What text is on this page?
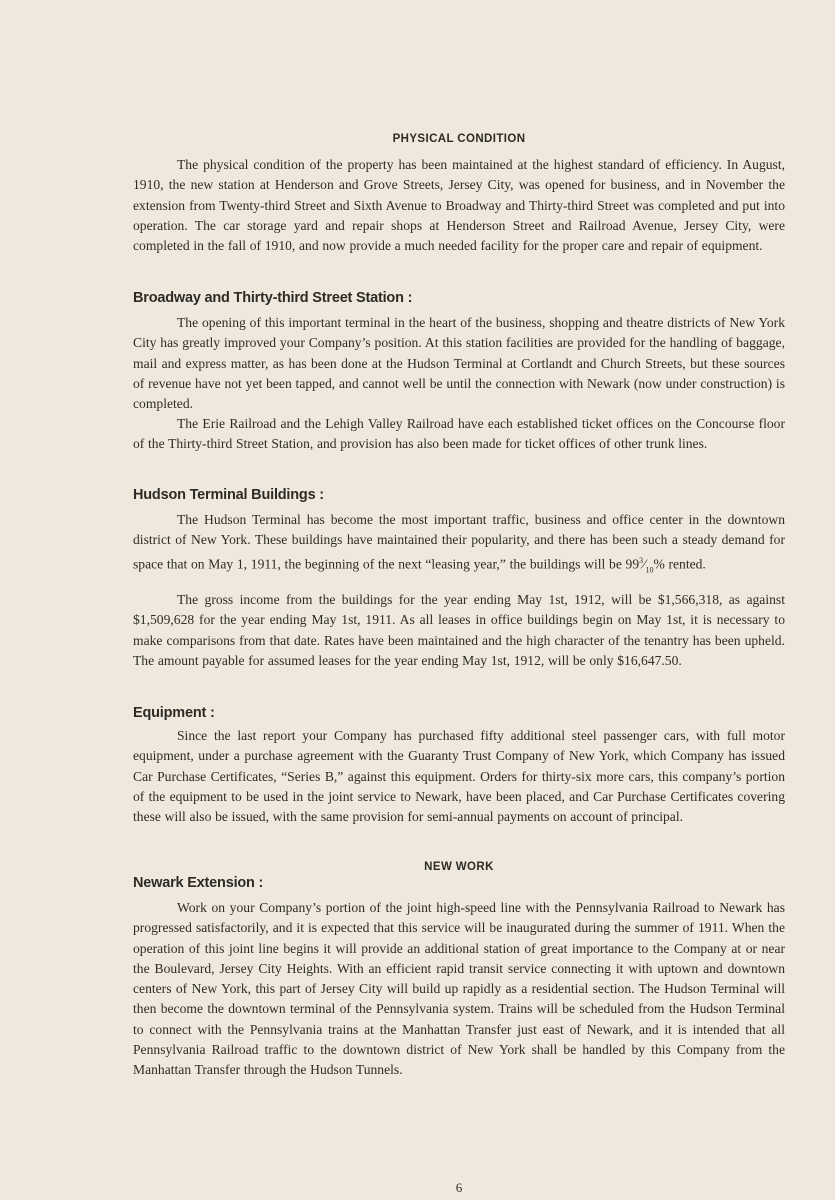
PHYSICAL CONDITION

The physical condition of the property has been maintained at the highest standard of efficiency. In August, 1910, the new station at Henderson and Grove Streets, Jersey City, was opened for business, and in November the extension from Twenty-third Street and Sixth Avenue to Broadway and Thirty-third Street was completed and put into operation. The car storage yard and repair shops at Henderson Street and Railroad Avenue, Jersey City, were completed in the fall of 1910, and now provide a much needed facility for the proper care and repair of equipment.

Broadway and Thirty-third Street Station :

The opening of this important terminal in the heart of the business, shopping and theatre districts of New York City has greatly improved your Company’s position. At this station facilities are provided for the handling of baggage, mail and express matter, as has been done at the Hudson Terminal at Cortlandt and Church Streets, but these sources of revenue have not yet been tapped, and cannot well be until the connection with Newark (now under construction) is completed.

The Erie Railroad and the Lehigh Valley Railroad have each established ticket offices on the Concourse floor of the Thirty-third Street Station, and provision has also been made for ticket offices of other trunk lines.

Hudson Terminal Buildings :

The Hudson Terminal has become the most important traffic, business and office center in the downtown district of New York. These buildings have maintained their popularity, and there has been such a steady demand for space that on May 1, 1911, the beginning of the next “leasing year,” the buildings will be $99^3⁄_{10}\%$ rented.

The gross income from the buildings for the year ending May 1st, 1912, will be $1,566,318, as against $1,509,628 for the year ending May 1st, 1911. As all leases in office buildings begin on May 1st, it is necessary to make comparisons from that date. Rates have been maintained and the high character of the tenantry has been upheld. The amount payable for assumed leases for the year ending May 1st, 1912, will be only $16,647.50.

Equipment :

Since the last report your Company has purchased fifty additional steel passenger cars, with full motor equipment, under a purchase agreement with the Guaranty Trust Company of New York, which Company has issued Car Purchase Certificates, “Series B,” against this equipment. Orders for thirty-six more cars, this company’s portion of the equipment to be used in the joint service to Newark, have been placed, and Car Purchase Certificates covering these will also be issued, with the same provision for semi-annual payments on account of principal.

NEW WORK
Newark Extension :

Work on your Company’s portion of the joint high-speed line with the Pennsylvania Railroad to Newark has progressed satisfactorily, and it is expected that this service will be inaugurated during the summer of 1911. When the operation of this joint line begins it will provide an additional station of great importance to the Company at or near the Boulevard, Jersey City Heights. With an efficient rapid transit service connecting it with uptown and downtown centers of New York, this part of Jersey City will build up rapidly as a residential section. The Hudson Terminal will then become the downtown terminal of the Pennsylvania system. Trains will be scheduled from the Hudson Terminal to connect with the Pennsylvania trains at the Manhattan Transfer just east of Newark, and it is intended that all Pennsylvania Railroad traffic to the downtown district of New York shall be handled by this Company from the Manhattan Transfer through the Hudson Tunnels.

6
